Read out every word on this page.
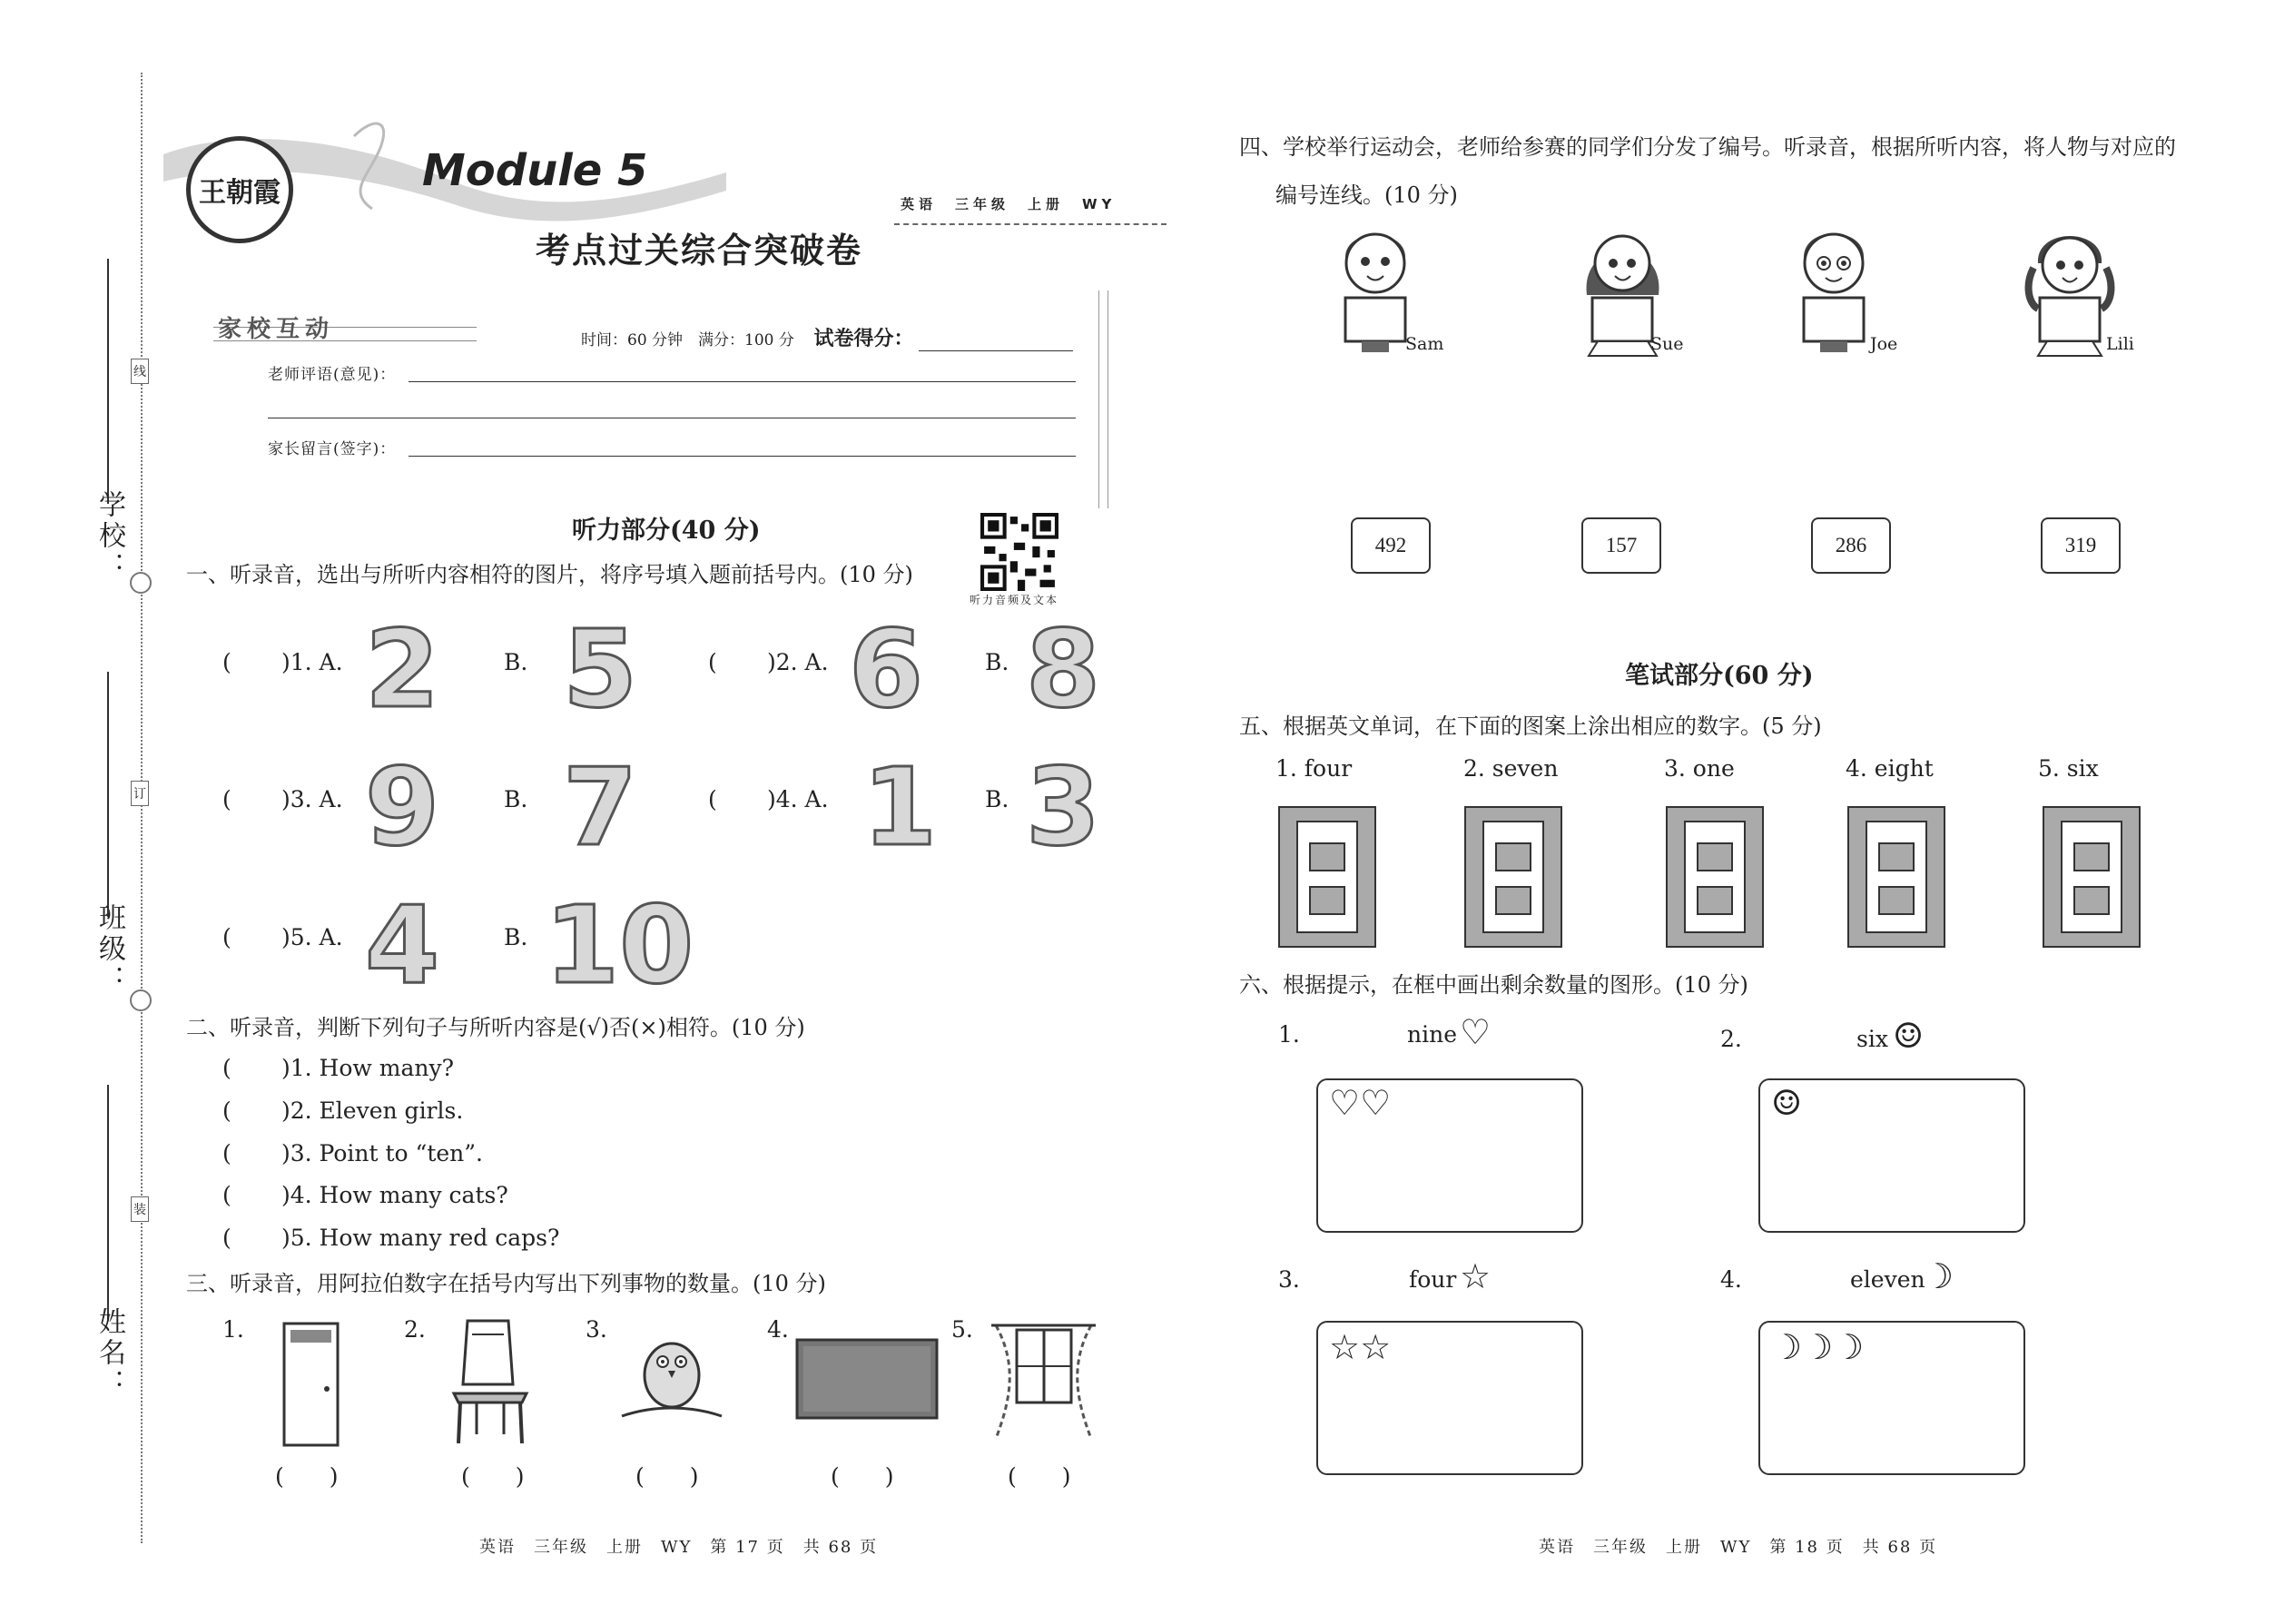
学校：
班级：
姓名：
线
订
装
王朝霞	Module 5
考点过关综合突破卷
英语　三年级　上册　WY
家校互动	时间：60 分钟　满分：100 分 试卷得分：
老师评语(意见)：
家长留言(签字)：
听力部分(40 分)
听力音频及文本
一、听录音，选出与所听内容相符的图片，将序号填入题前括号内。(10 分)
( )1. A. 2	B. 5	( )2. A. 6	B. 8
( )3. A. 9	B. 7	( )4. A. 1 B. 3
( )5. A. 4	B. 10
二、听录音，判断下列句子与所听内容是(√)否(×)相符。(10 分)
( )1. How many?
( )2. Eleven girls.
( )3. Point to “ten”.
( )4. How many cats?
( )5. How many red caps?
三、听录音，用阿拉伯数字在括号内写出下列事物的数量。(10 分)
1.
(　　)
2.
(　　)
3.
(　　)
4.
(　　)
5.
(　　)
四、学校举行运动会，老师给参赛的同学们分发了编号。听录音，根据所听内容，将人物与对应的
编号连线。(10 分)
Sam	Sue	Joe	Lili
492	157	286	319
笔试部分(60 分)
五、根据英文单词，在下面的图案上涂出相应的数字。(5 分)
1. four	2. seven	3. one	4. eight	5. six
六、根据提示，在框中画出剩余数量的图形。(10 分)
1.	nine ♡
♡♡
2.	six ☺
☺
3.	four ☆
☆☆
4.	eleven
☽
☽☽☽
英语　三年级　上册　WY　第 17 页　共 68 页	英语　三年级　上册　WY　第 18 页　共 68 页
